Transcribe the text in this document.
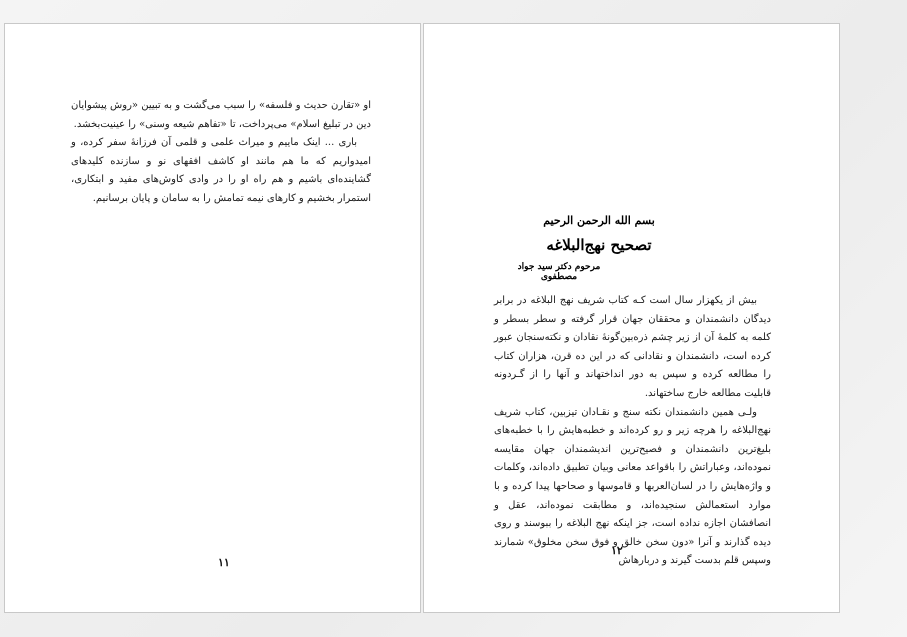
او «تقارن حدیث و فلسفه» را سبب می‌گشت و به تبیین «روش پیشوایان دین در تبلیغ اسلام» می‌پرداخت، تا «تفاهم شیعه وسنی» را عینیت‌بخشد.

باری ... اینک ماییم و میراث علمی و قلمی آن فرزانهٔ سفر کرده، و امیدواریم که ما هم مانند او کاشف افقهای نو و سازنده کلیدهای گشاینده‌ای باشیم و هم راه او را در وادی کاوش‌های مفید و ابتکاری، استمرار بخشیم و کارهای نیمه تمامش را به سامان و پایان برسانیم.

۱۱
بسم الله الرحمن الرحیم
تصحیح نهج‌البلاغه
مرحوم دکتر سید جواد مصطفوی

بیش از یکهزار سال است کـه کتاب شریف نهج البلاغه در برابر دیدگان دانشمندان و محققان جهان قرار گرفته و سطر بسطر و کلمه به کلمهٔ آن از زیر چشم ذره‌بین‌گونهٔ نقادان و نکته‌سنجان عبور کرده است، دانشمندان و نقادانی که در این ده قرن، هزاران کتاب را مطالعه کرده و سپس به دور انداختهاند و آنها را از گـردونه قابلیت مطالعه خارج ساختهاند.

ولـی همین دانشمندان نکته سنج و نقـادان تیزبین، کتاب شریف نهج‌البلاغه را هرچه زیر و رو کرده‌اند و خطبه‌هایش را با خطبه‌های بلیغ‌ترین دانشمندان و فصیح‌ترین اندیشمندان جهان مقایسه نموده‌اند، وعباراتش را باقواعد معانی وبیان تطبیق داده‌اند، وکلمات و واژه‌هایش را در لسان‌العربها و قاموسها و صحاحها پیدا کرده و با موارد استعمالش سنجیده‌اند، و مطابقت نموده‌اند، عقل و انصافشان اجازه نداده است، جز اینکه نهج البلاغه را ببوسند و روی دیده گذارند و آنرا «دون سخن خالق و فوق سخن مخلوق» شمارند وسپس قلم بدست گیرند و دربارهاش

۱۲
